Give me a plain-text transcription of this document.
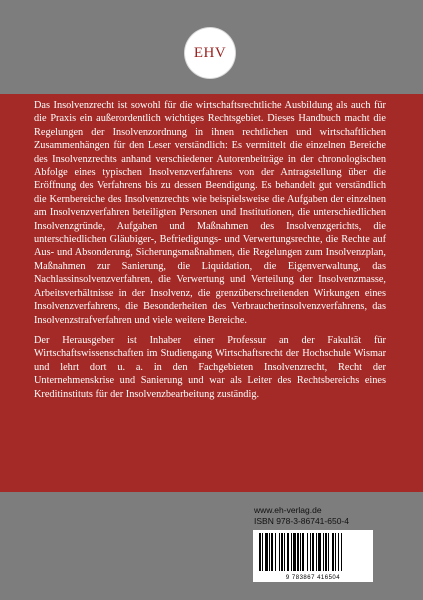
EHV

Das Insolvenzrecht ist sowohl für die wirtschaftsrechtliche Ausbildung als auch für die Praxis ein außerordentlich wichtiges Rechtsgebiet. Dieses Handbuch macht die Regelungen der Insolvenzordnung in ihnen rechtlichen und wirtschaftlichen Zusammenhängen für den Leser verständlich: Es vermittelt die einzelnen Bereiche des Insolvenzrechts anhand verschiedener Autorenbeiträge in der chronologischen Abfolge eines typischen Insolvenzverfahrens von der Antragstellung über die Eröffnung des Verfahrens bis zu dessen Beendigung. Es behandelt gut verständlich die Kernbereiche des Insolvenzrechts wie beispielsweise die Aufgaben der einzelnen am Insolvenzverfahren beteiligten Personen und Institutionen, die unterschiedlichen Insolvenzgründe, Aufgaben und Maßnahmen des Insolvenzgerichts, die unterschiedlichen Gläubiger-, Befriedigungs- und Verwertungsrechte, die Rechte auf Aus- und Absonderung, Sicherungsmaßnahmen, die Regelungen zum Insolvenzplan, Maßnahmen zur Sanierung, die Liquidation, die Eigenverwaltung, das Nachlassinsolvenzverfahren, die Verwertung und Verteilung der Insolvenzmasse, Arbeitsverhältnisse in der Insolvenz, die grenzüberschreitenden Wirkungen eines Insolvenzverfahrens, die Besonderheiten des Verbraucherinsolvenzverfahrens, das Insolvenzstrafverfahren und viele weitere Bereiche.

Der Herausgeber ist Inhaber einer Professur an der Fakultät für Wirtschaftswissenschaften im Studiengang Wirtschaftsrecht der Hochschule Wismar und lehrt dort u. a. in den Fachgebieten Insolvenzrecht, Recht der Unternehmenskrise und Sanierung und war als Leiter des Rechtsbereichs eines Kreditinstituts für der Insolvenzbearbeitung zuständig.

www.eh-verlag.de
ISBN 978-3-86741-650-4
9 783867 416504
